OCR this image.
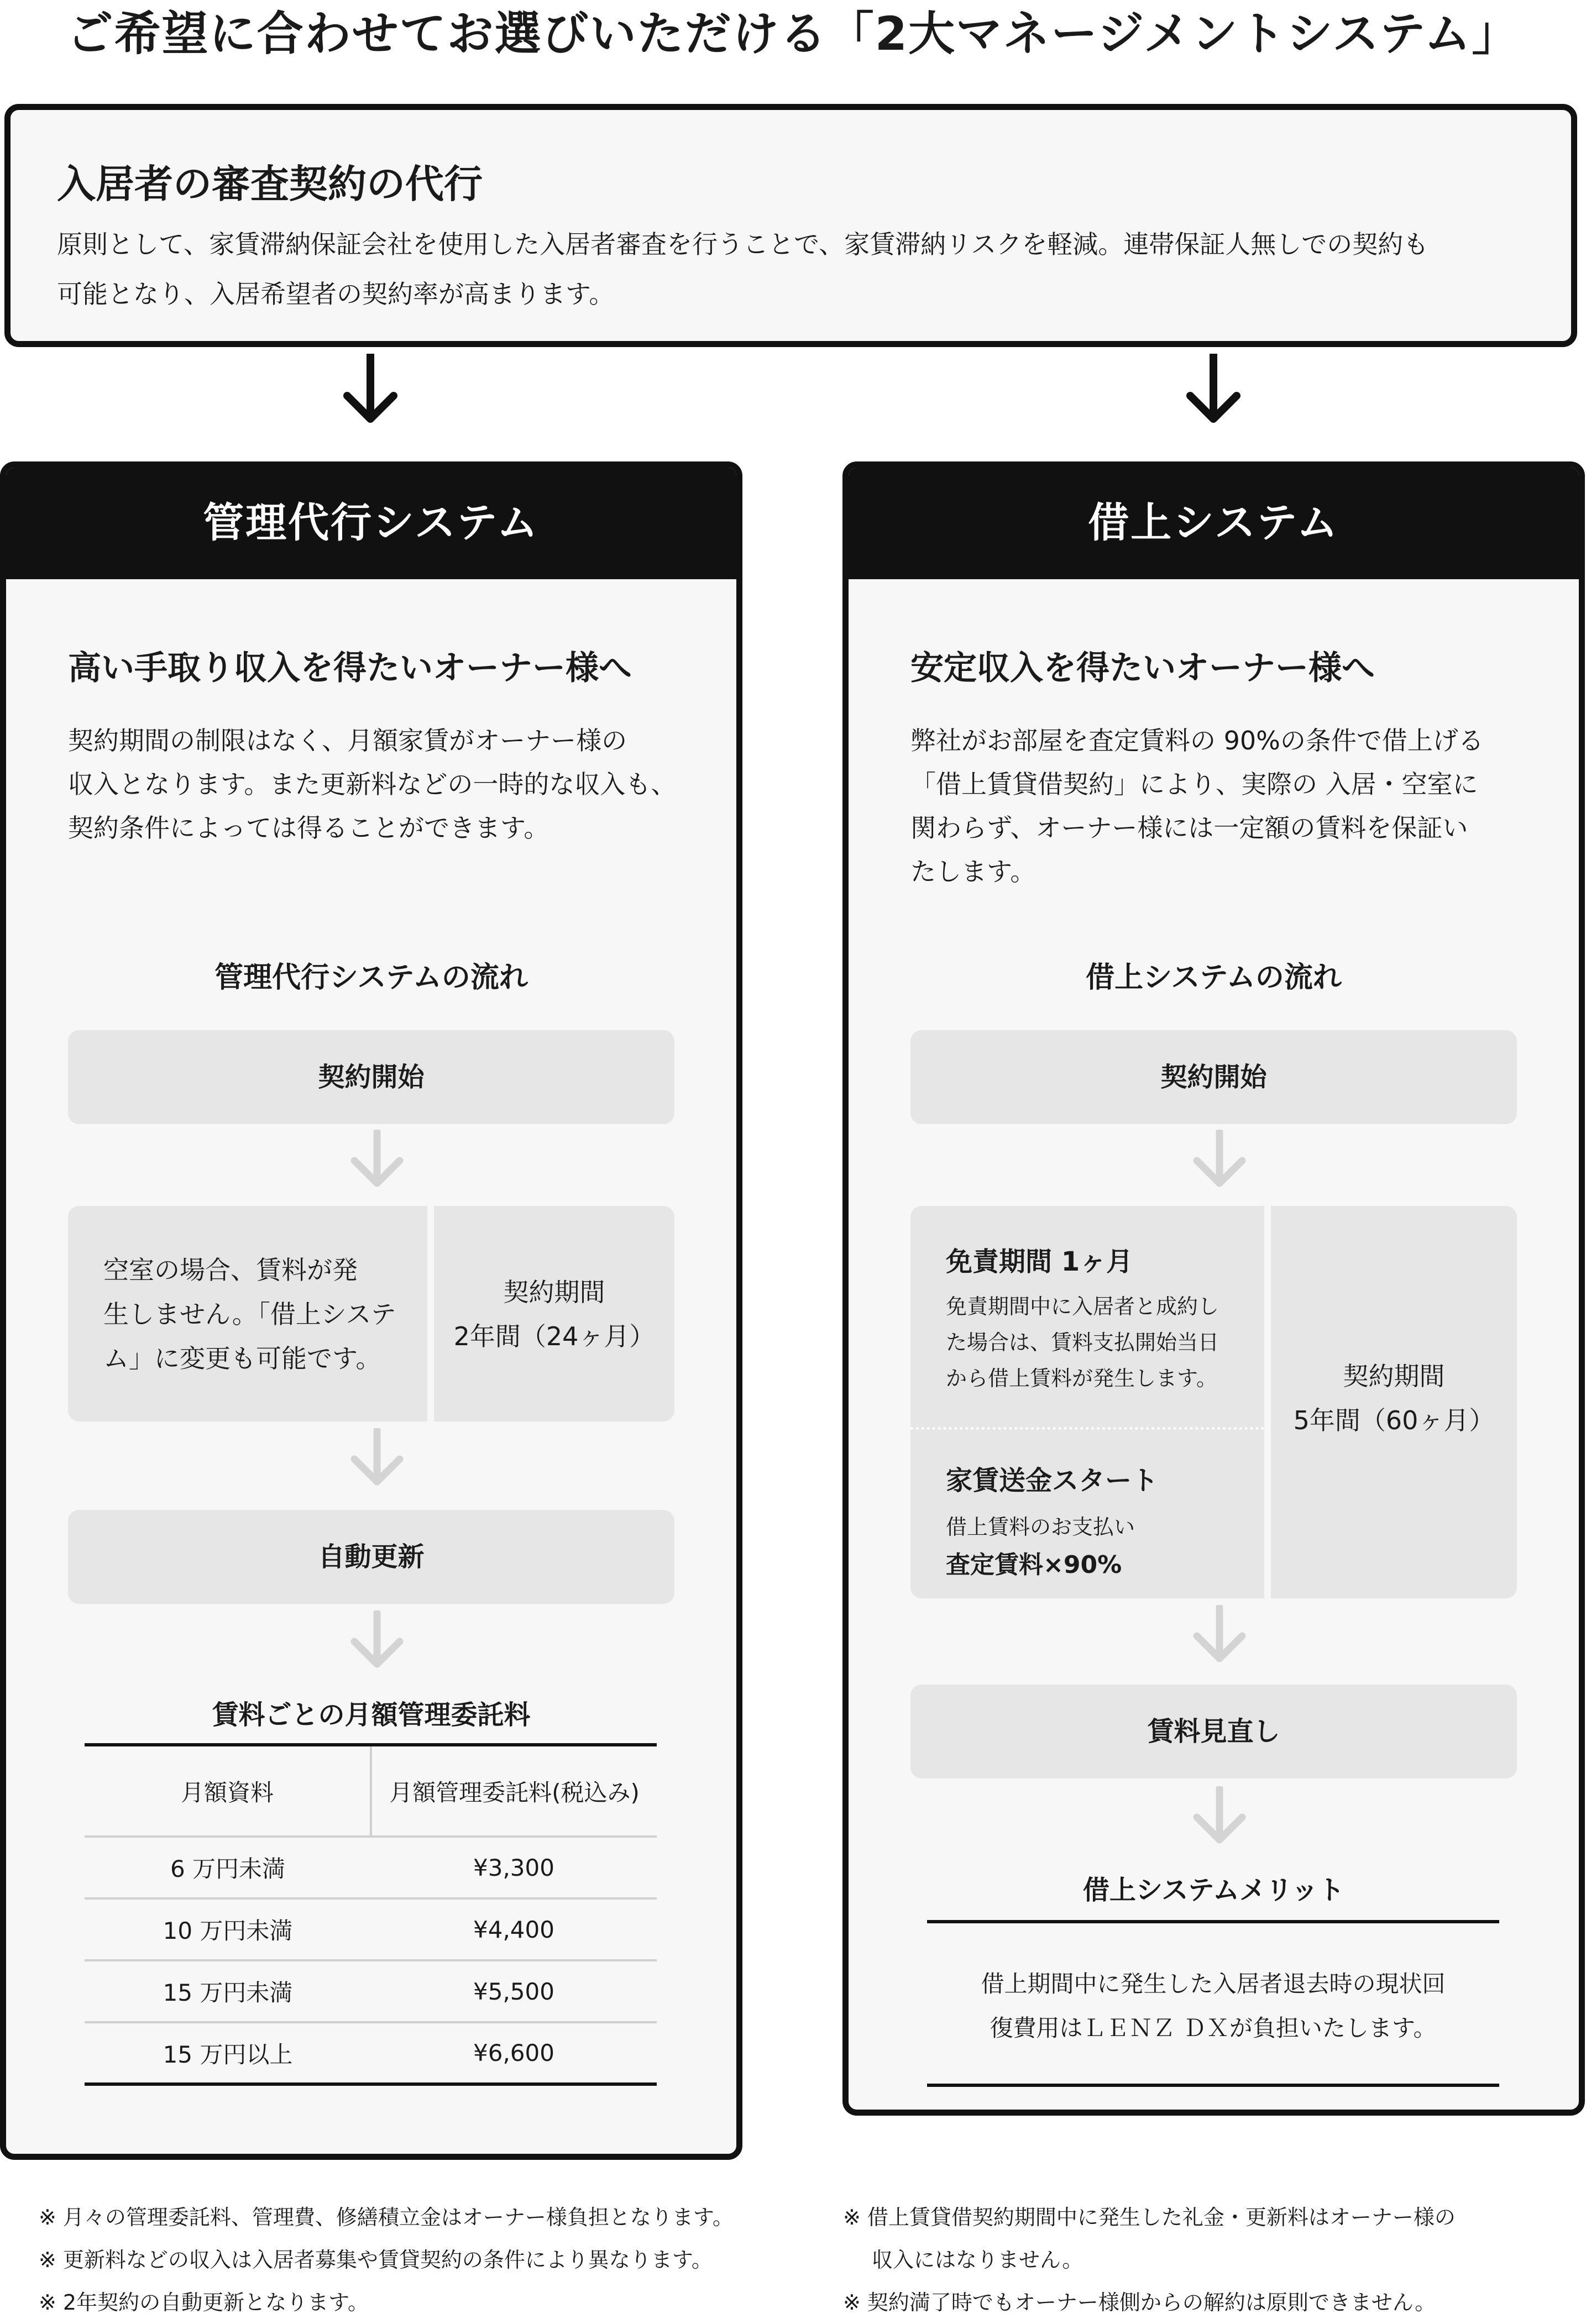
ご希望に合わせてお選びいただける「2大マネージメントシステム」
入居者の審査契約の代行
原則として、家賃滞納保証会社を使用した入居者審査を行うことで、家賃滞納リスクを軽減。連帯保証人無しでの契約も
可能となり、入居希望者の契約率が高まります。
管理代行システム
高い手取り収入を得たいオーナー様へ
契約期間の制限はなく、月額家賃がオーナー様の
収入となります。また更新料などの一時的な収入も、
契約条件によっては得ることができます。
管理代行システムの流れ
契約開始
空室の場合、賃料が発
生しません。「借上システ
ム」に変更も可能です。
契約期間
2年間（24ヶ月）
自動更新
賃料ごとの月額管理委託料
月額資料	月額管理委託料(税込み)
6 万円未満	¥3,300
10 万円未満	¥4,400
15 万円未満	¥5,500
15 万円以上	¥6,600
借上システム
安定収入を得たいオーナー様へ
弊社がお部屋を査定賃料の 90%の条件で借上げる
「借上賃貸借契約」により、実際の 入居・空室に
関わらず、オーナー様には一定額の賃料を保証い
たします。
借上システムの流れ
契約開始
免責期間 1ヶ月
免責期間中に入居者と成約し
た場合は、賃料支払開始当日
から借上賃料が発生します。
家賃送金スタート
借上賃料のお支払い
査定賃料×90%
契約期間
5年間（60ヶ月）
賃料見直し
借上システムメリット
借上期間中に発生した入居者退去時の現状回
復費用はＬＥＮＺ ＤＸが負担いたします。
※ 月々の管理委託料、管理費、修繕積立金はオーナー様負担となります。
※ 更新料などの収入は入居者募集や賃貸契約の条件により異なります。
※ 2年契約の自動更新となります。
※ 借上賃貸借契約期間中に発生した礼金・更新料はオーナー様の
収入にはなりません。
※ 契約満了時でもオーナー様側からの解約は原則できません。
